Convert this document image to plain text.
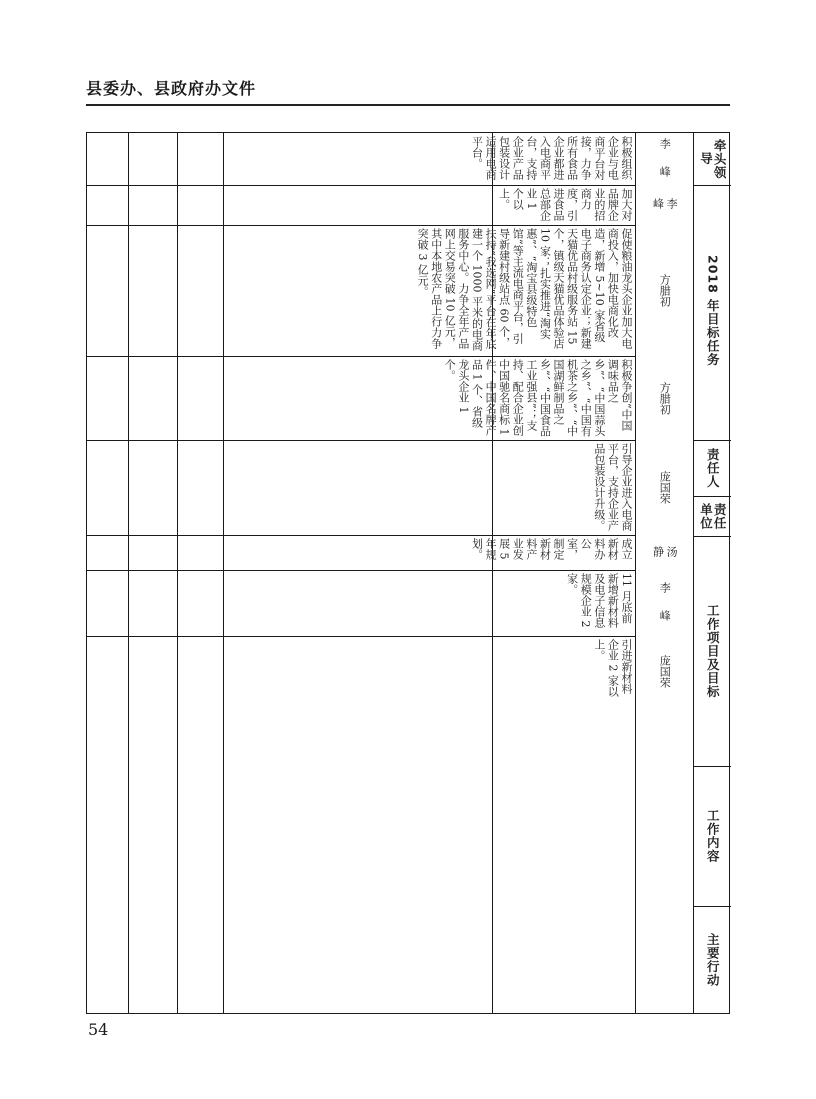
县委办、县政府办文件
牵头领导
2018 年目标任务
责任人
责任单位
工作项目及目标
工作内容
主要行动
李　峰
李　峰
方腊初
方腊初
庞国荣
汤　静
李　峰
庞国荣
积极组织企业与电商平台对接，力争所有食品企业都进入电商平台，支持企业产品包装设计适用电商平台。
加大对品牌企业的招商力度，引进食品总部企业 1 个以上。
促使粮油龙头企业加大电商投入，加快电商化改造，新增 5~10 家省级电子商务认定企业；新建天猫优品村级服务站 15 个，镇级天猫优品体验店 10 家；扎实推进“淘实惠”、“淘宝县级特色馆”等主流电商平台，引导新建村级站点 60 个，扶持“我选网”平台在年底建一个 1000 平米的电商服务中心。力争全年产品网上交易突破 10 亿元，其中本地农产品上行力争突破 3 亿元。
积极争创“中国调味品之乡”、“中国蒜头之乡”、“中国有机茶之乡”、“中国湖鲜制品之乡”、“中国食品工业强县”；支持、配合企业创中国驰名商标 1 件、中国名牌产品 1 个、省级龙头企业 1 个。
引导企业进入电商平台，支持企业产品包装设计升级。
成立新材料办公室，制定新材料产业发展 5 年规划。
11 月底前新增新材料及电子信息规模企业 2 家。
引进新材料企业 2 家以上。
54
